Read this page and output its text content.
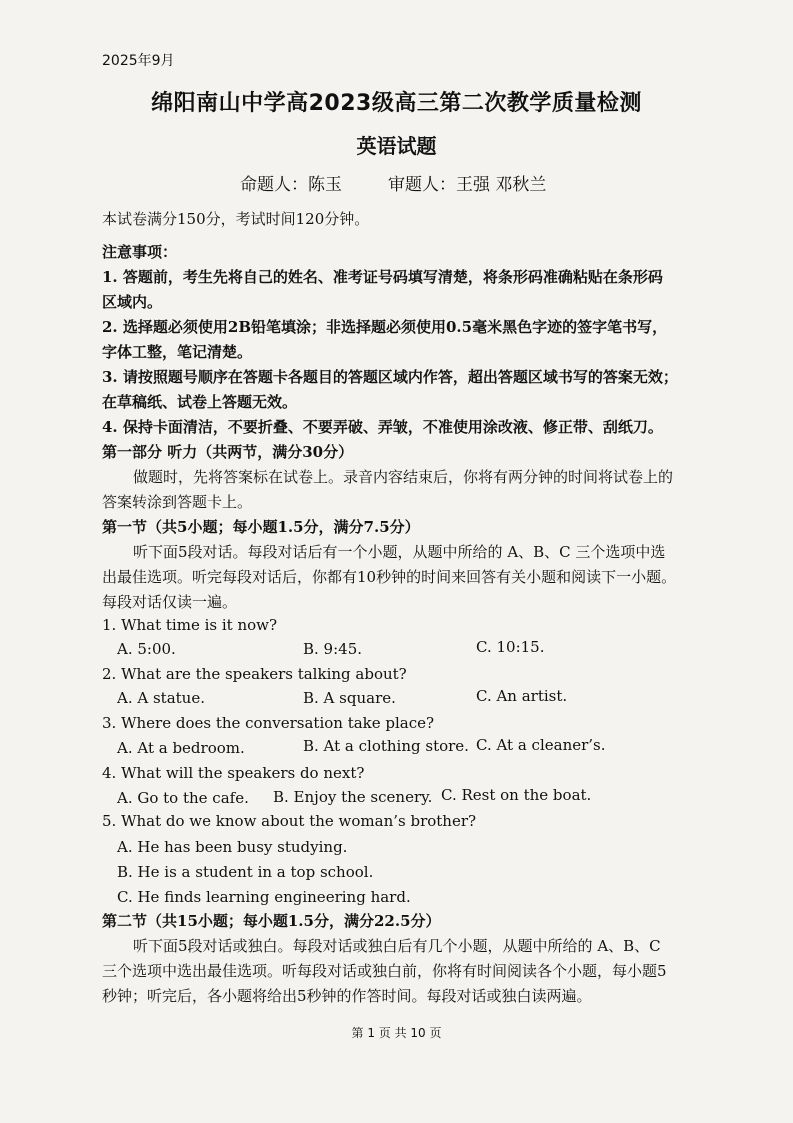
2025年9月
绵阳南山中学高2023级高三第二次教学质量检测
英语试题
命题人：陈玉	审题人：王强 邓秋兰
本试卷满分150分，考试时间120分钟。
注意事项：
1. 答题前，考生先将自己的姓名、准考证号码填写清楚，将条形码准确粘贴在条形码
区域内。
2. 选择题必须使用2B铅笔填涂；非选择题必须使用0.5毫米黑色字迹的签字笔书写，
字体工整，笔记清楚。
3. 请按照题号顺序在答题卡各题目的答题区域内作答，超出答题区域书写的答案无效；
在草稿纸、试卷上答题无效。
4. 保持卡面清洁，不要折叠、不要弄破、弄皱，不准使用涂改液、修正带、刮纸刀。
第一部分 听力（共两节，满分30分）
做题时，先将答案标在试卷上。录音内容结束后，你将有两分钟的时间将试卷上的
答案转涂到答题卡上。
第一节（共5小题；每小题1.5分，满分7.5分）
听下面5段对话。每段对话后有一个小题，从题中所给的 A、B、C 三个选项中选
出最佳选项。听完每段对话后，你都有10秒钟的时间来回答有关小题和阅读下一小题。
每段对话仅读一遍。
1. What time is it now?
A. 5:00.	B. 9:45.	C. 10:15.
2. What are the speakers talking about?
A. A statue.	B. A square.	C. An artist.
3. Where does the conversation take place?
A. At a bedroom.	B. At a clothing store. C. At a cleaner’s.
4. What will the speakers do next?
A. Go to the cafe. B. Enjoy the scenery. C. Rest on the boat.
5. What do we know about the woman’s brother?
A. He has been busy studying.
B. He is a student in a top school.
C. He finds learning engineering hard.
第二节（共15小题；每小题1.5分，满分22.5分）
听下面5段对话或独白。每段对话或独白后有几个小题，从题中所给的 A、B、C
三个选项中选出最佳选项。听每段对话或独白前，你将有时间阅读各个小题，每小题5
秒钟；听完后，各小题将给出5秒钟的作答时间。每段对话或独白读两遍。
第 1 页 共 10 页
